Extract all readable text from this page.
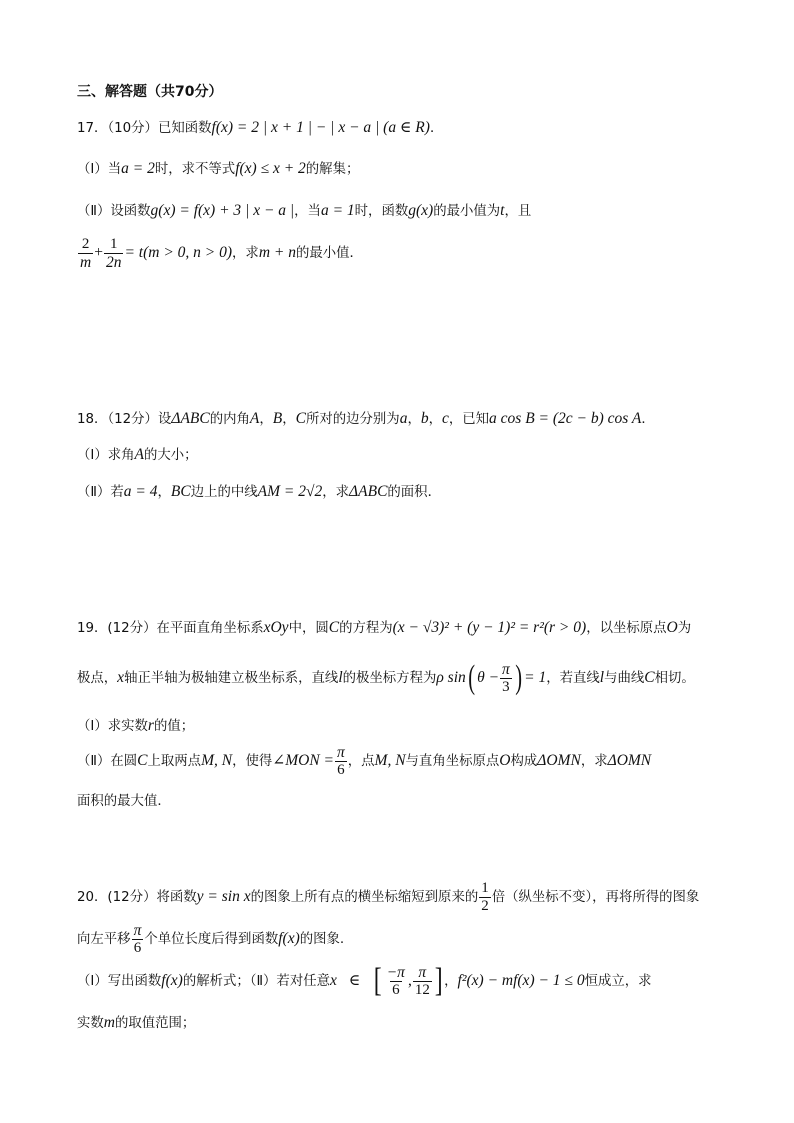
三、解答题（共70分）
17．（10分）已知函数f(x) = 2 | x + 1 | − | x − a | (a ∈ R)．
（Ⅰ）当a = 2时，求不等式f(x) ≤ x + 2的解集；
（Ⅱ）设函数g(x) = f(x) + 3 | x − a |，当a = 1时，函数g(x)的最小值为t，且
$\frac{2}{m} + \frac{1}{2n} = t(m > 0$, n > 0)，求m + n的最小值．
18．（12分）设ΔABC的内角A，B，C所对的边分别为a，b，c，已知a cos B = (2c − b) cos A．
（Ⅰ）求角A的大小；
（Ⅱ）若a = 4，BC边上的中线AM = 2√2，求ΔABC的面积．
19．(12分）在平面直角坐标系xOy中，圆C的方程为(x − √3)² + (y − 1)² = r²(r > 0)，以坐标原点O为
极点，x轴正半轴为极轴建立极坐标系，直线l的极坐标方程为ρ sin( $\theta - \frac{\pi}{3}$ ) = 1，若直线l与曲线C相切。
（Ⅰ）求实数r的值；
（Ⅱ）在圆C上取两点M, N，使得∠MON = $\frac{\pi}{6}$ ，点M, N与直角坐标原点O构成ΔOMN，求ΔOMN
面积的最大值．
20．(12分）将函数y = sin x的图象上所有点的横坐标缩短到原来的 $\frac{1}{2}$ 倍（纵坐标不变），再将所得的图象
向左平移 $\frac{\pi}{6}$ 个单位长度后得到函数f(x)的图象.
（Ⅰ）写出函数f(x)的解析式；（Ⅱ）若对任意x ∈ [ $\frac{-\pi}{6}$ , $\frac{\pi}{12}$ ] ，f²(x) − mf(x) − 1 ≤ 0恒成立，求
实数m的取值范围；
